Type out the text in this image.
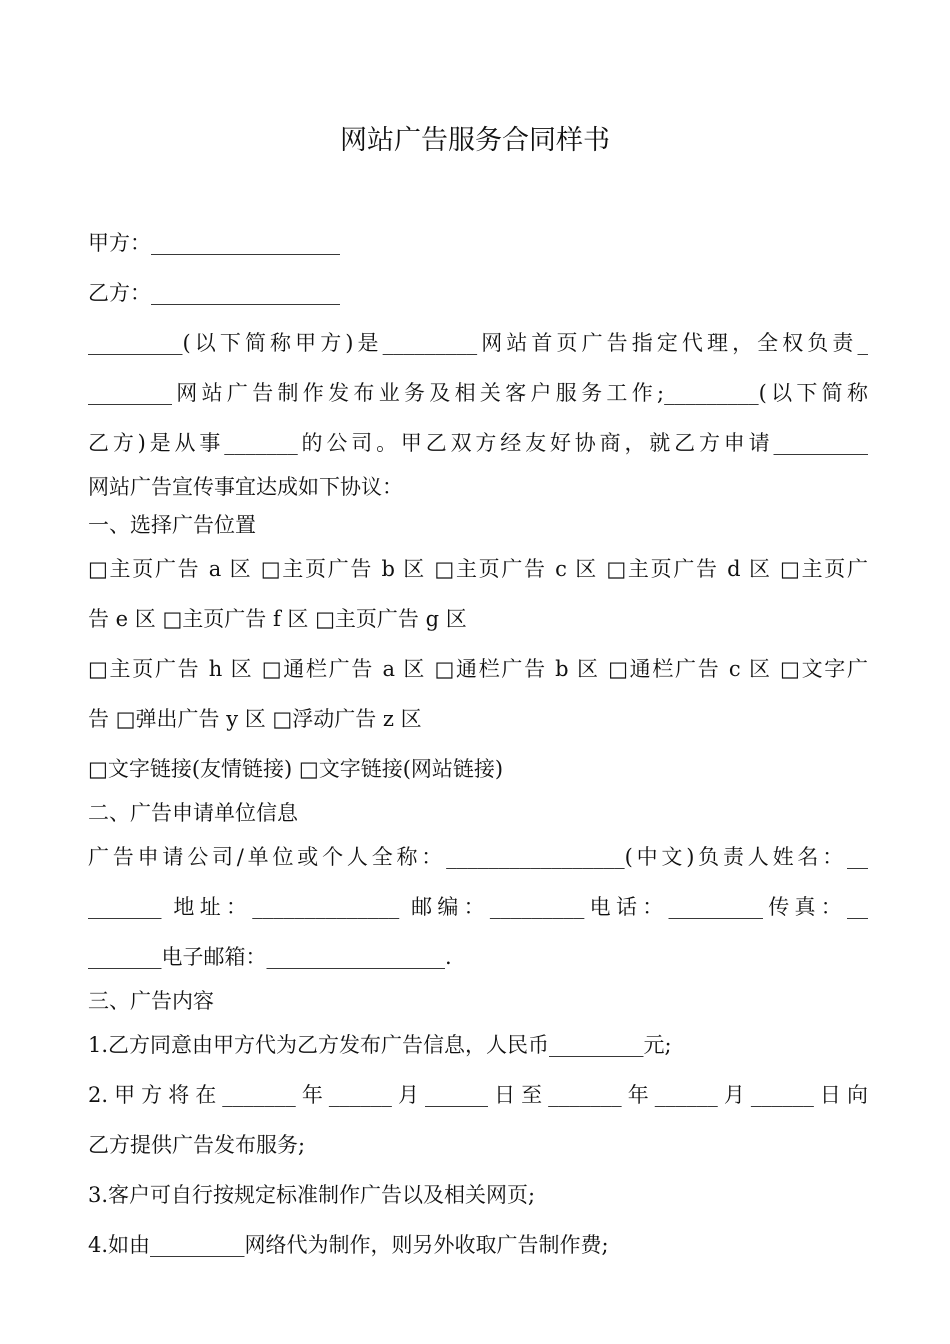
网站广告服务合同样书

甲方：__________________

乙方：__________________

_________(以下简称甲方)是_________网站首页广告指定代理，全权负责_

________网站广告制作发布业务及相关客户服务工作;_________(以下简称

乙方)是从事_______的公司。甲乙双方经友好协商，就乙方申请_________

网站广告宣传事宜达成如下协议：

一、选择广告位置

□主页广告 a 区 □主页广告 b 区 □主页广告 c 区 □主页广告 d 区 □主页广

告 e 区 □主页广告 f 区 □主页广告 g 区

□主页广告 h 区 □通栏广告 a 区 □通栏广告 b 区 □通栏广告 c 区 □文字广

告 □弹出广告 y 区 □浮动广告 z 区

□文字链接(友情链接) □文字链接(网站链接)

二、广告申请单位信息

广告申请公司/单位或个人全称：_________________(中文)负责人姓名：__

_______ 地址：______________ 邮编：_________电话：_________传真：__

_______电子邮箱：_________________.

三、广告内容

1.乙方同意由甲方代为乙方发布广告信息，人民币_________元;

2.甲方将在_______年______月______日至_______年______月______日向

乙方提供广告发布服务;

3.客户可自行按规定标准制作广告以及相关网页;

4.如由_________网络代为制作，则另外收取广告制作费;
